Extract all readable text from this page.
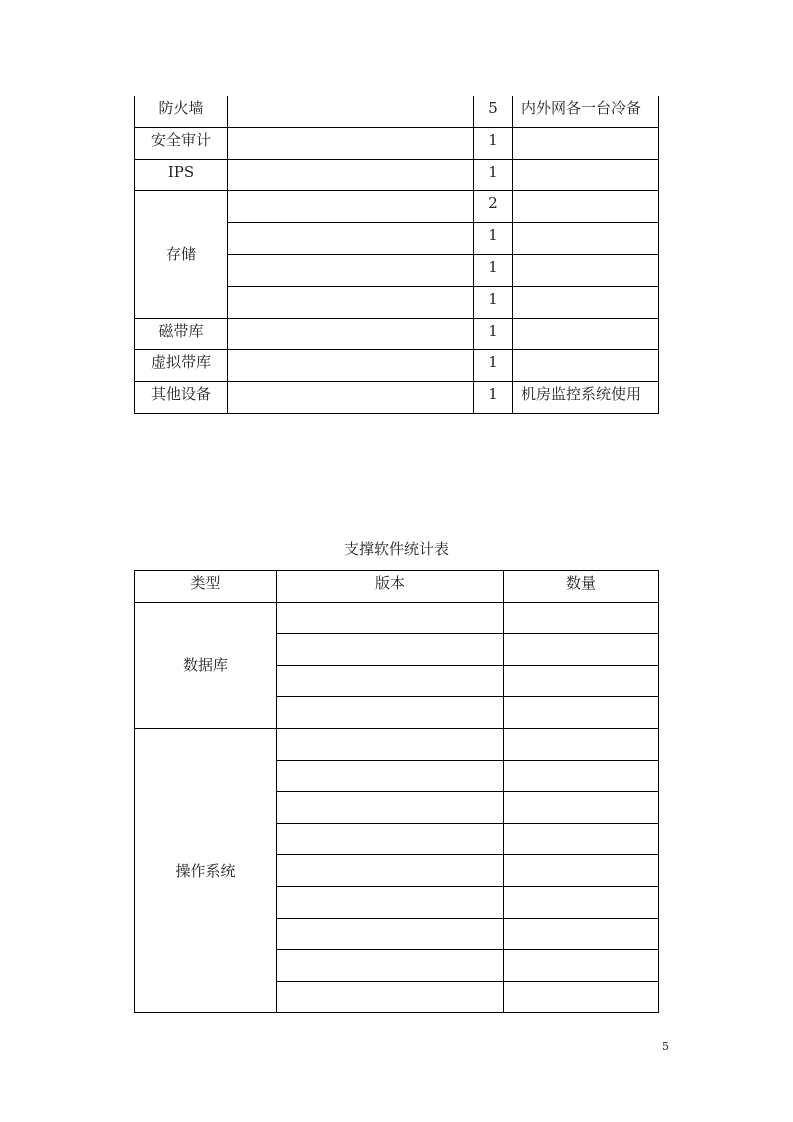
防火墙		5	内外网各一台冷备
安全审计		1	
IPS		1	
存储		2	
		1	
		1	
		1	
磁带库		1	
虚拟带库		1	
其他设备		1	机房监控系统使用
支撑软件统计表
类型	版本	数量
数据库		

操作系统		

5
